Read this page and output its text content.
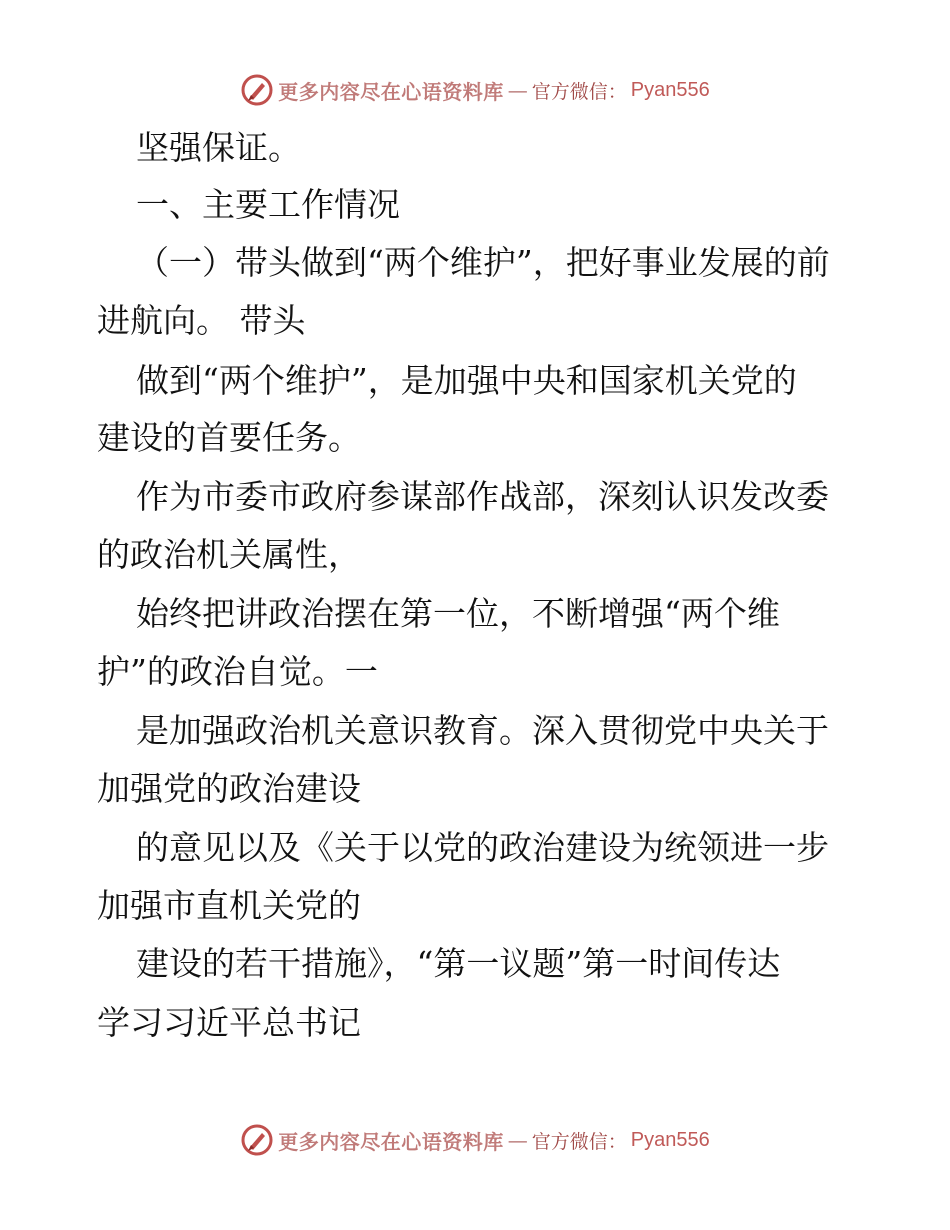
更多内容尽在心语资料库 — 官方微信： Pyan556
坚强保证。
一、主要工作情况
（一）带头做到“两个维护”，把好事业发展的前
进航向。 带头
做到“两个维护”，是加强中央和国家机关党的
建设的首要任务。
作为市委市政府参谋部作战部，深刻认识发改委
的政治机关属性，
始终把讲政治摆在第一位，不断增强“两个维
护”的政治自觉。一
是加强政治机关意识教育。深入贯彻党中央关于
加强党的政治建设
的意见以及《关于以党的政治建设为统领进一步
加强市直机关党的
建设的若干措施》，“第一议题”第一时间传达
学习习近平总书记
更多内容尽在心语资料库 — 官方微信： Pyan556
